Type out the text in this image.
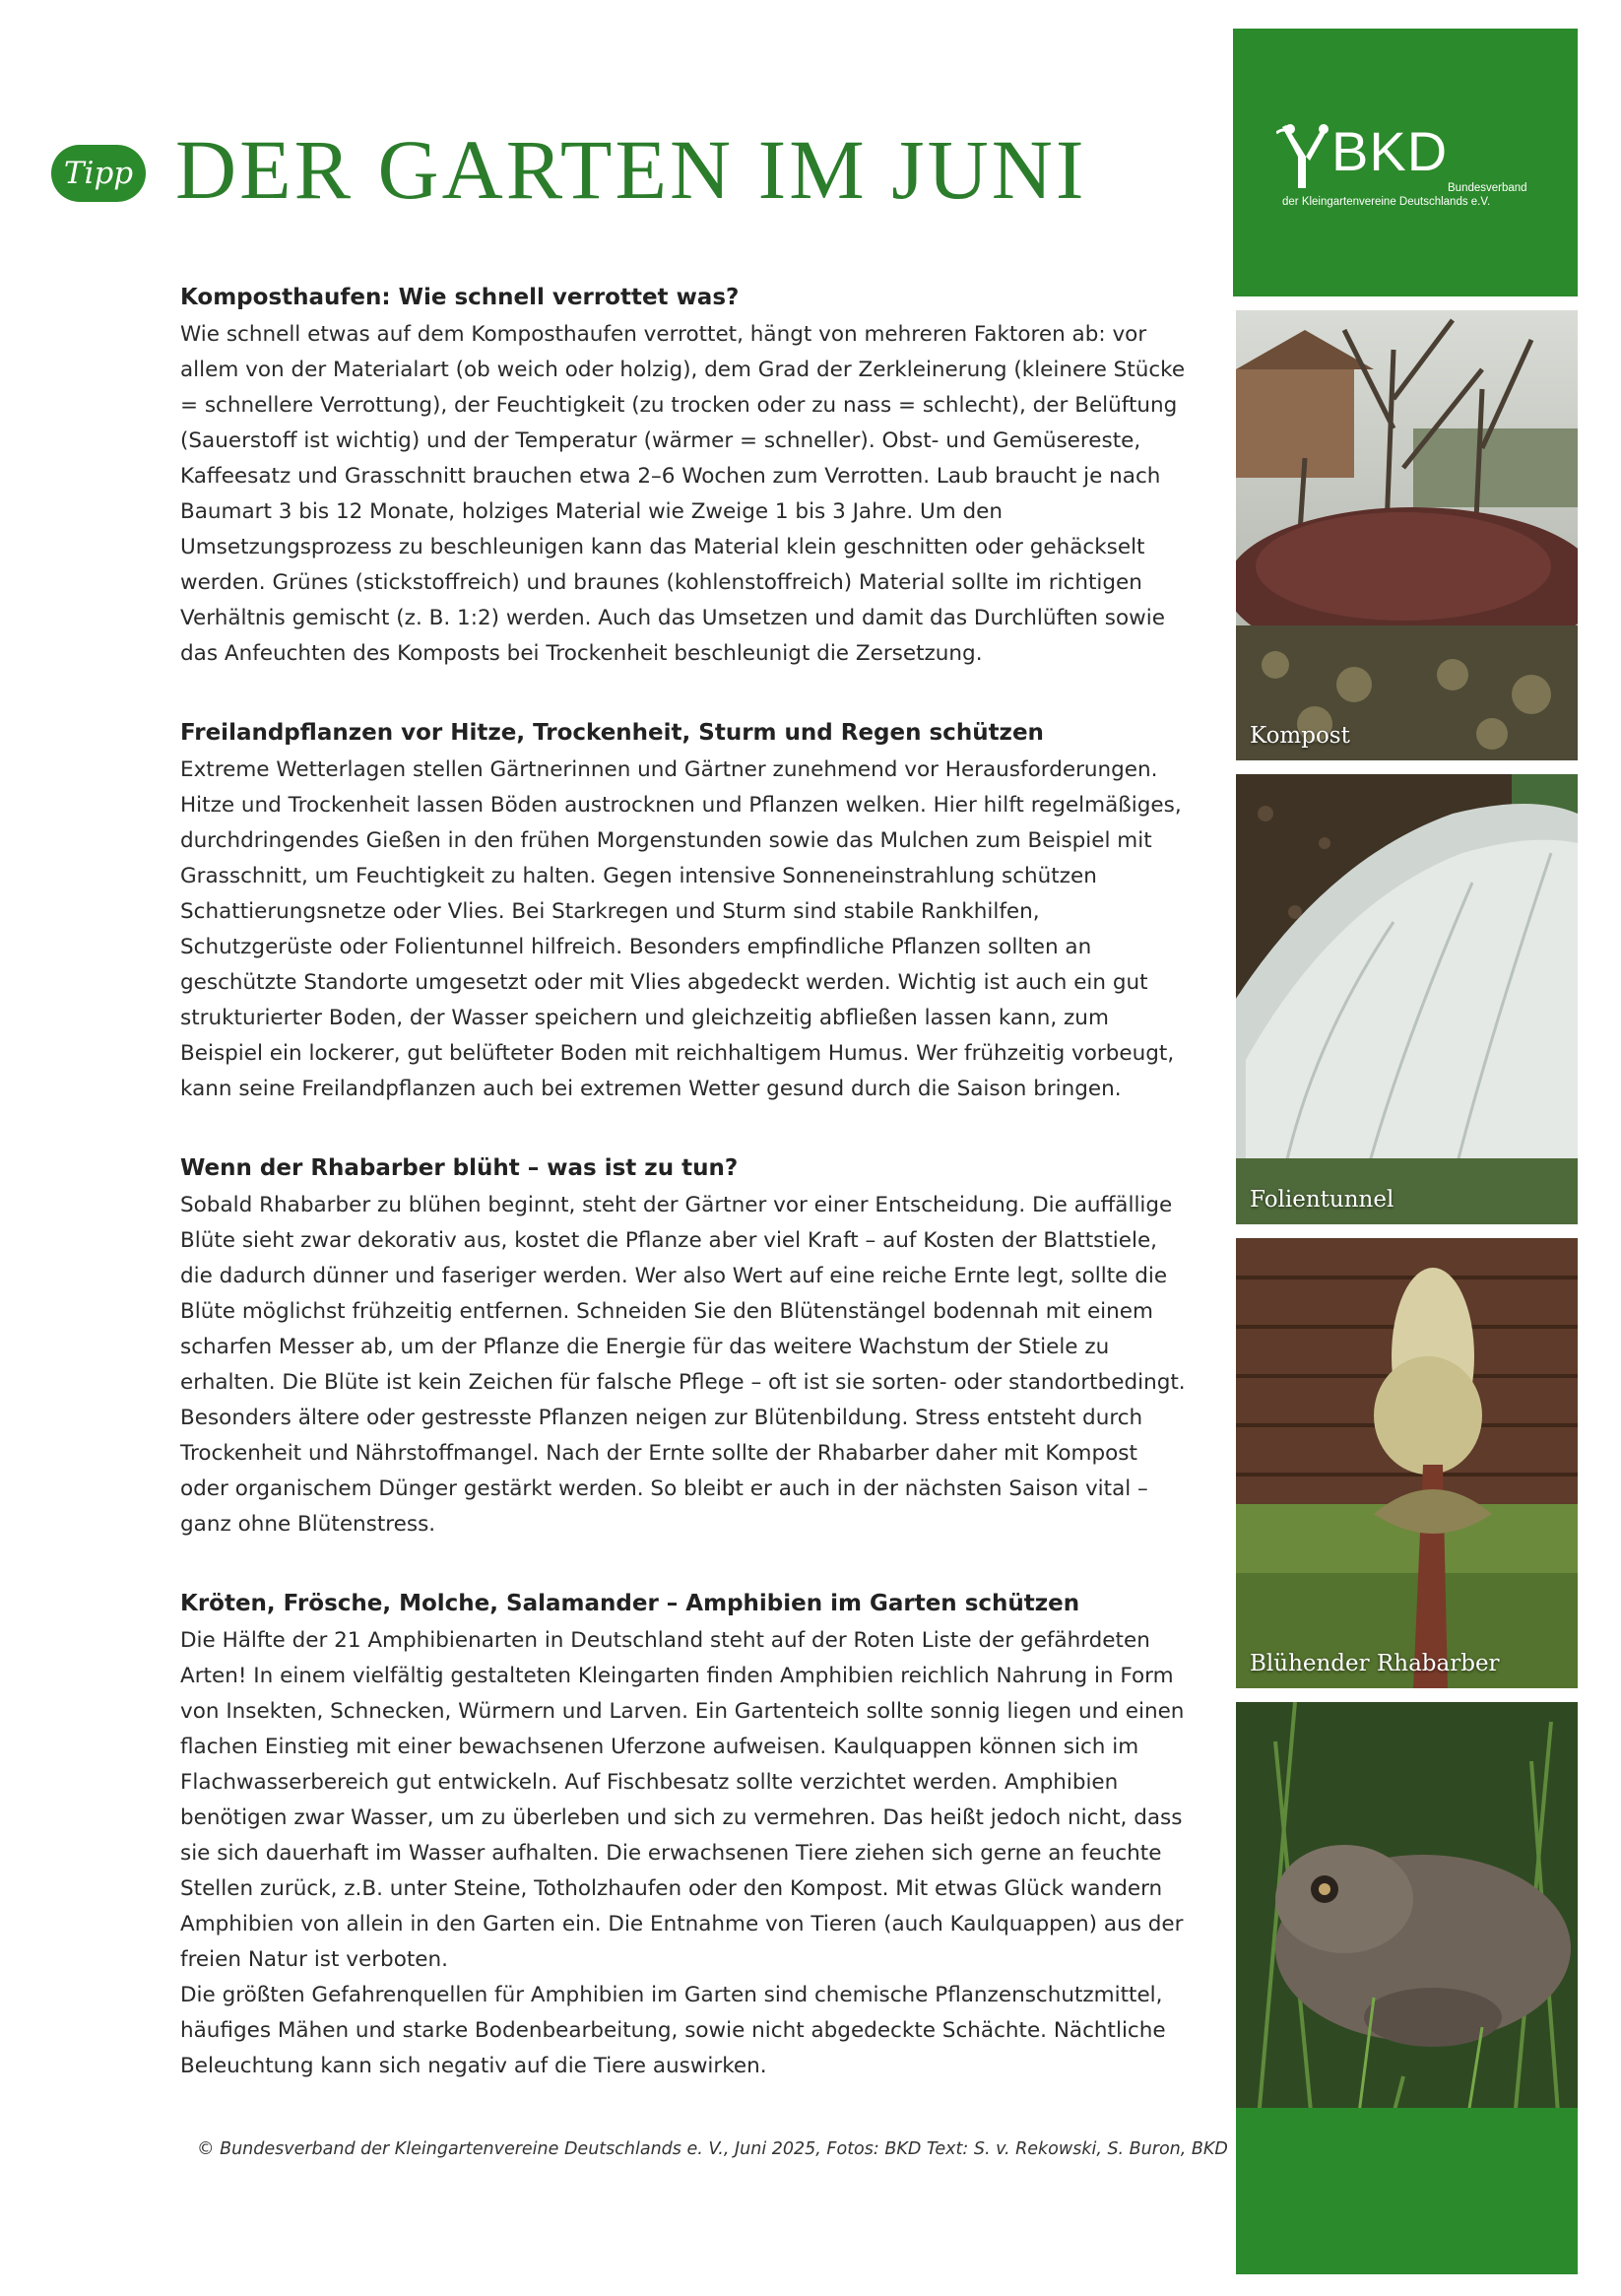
Tipp DER GARTEN IM JUNI
Komposthaufen: Wie schnell verrottet was?

Wie schnell etwas auf dem Komposthaufen verrottet, hängt von mehreren Faktoren ab: vor allem von der Materialart (ob weich oder holzig), dem Grad der Zerkleinerung (kleinere Stücke = schnellere Verrottung), der Feuchtigkeit (zu trocken oder zu nass = schlecht), der Belüftung (Sauerstoff ist wichtig) und der Temperatur (wärmer = schneller). Obst- und Gemüsereste, Kaffeesatz und Grasschnitt brauchen etwa 2–6 Wochen zum Verrotten. Laub braucht je nach Baumart 3 bis 12 Monate, holziges Material wie Zweige 1 bis 3 Jahre. Um den Umsetzungsprozess zu beschleunigen kann das Material klein geschnitten oder gehäckselt werden. Grünes (stickstoffreich) und braunes (kohlenstoffreich) Material sollte im richtigen Verhältnis gemischt (z. B. 1:2) werden. Auch das Umsetzen und damit das Durchlüften sowie das Anfeuchten des Komposts bei Trockenheit beschleunigt die Zersetzung.

Freilandpflanzen vor Hitze, Trockenheit, Sturm und Regen schützen

Extreme Wetterlagen stellen Gärtnerinnen und Gärtner zunehmend vor Herausforderungen. Hitze und Trockenheit lassen Böden austrocknen und Pflanzen welken. Hier hilft regelmäßiges, durchdringendes Gießen in den frühen Morgenstunden sowie das Mulchen zum Beispiel mit Grasschnitt, um Feuchtigkeit zu halten. Gegen intensive Sonneneinstrahlung schützen Schattierungsnetze oder Vlies. Bei Starkregen und Sturm sind stabile Rankhilfen, Schutzgerüste oder Folientunnel hilfreich. Besonders empfindliche Pflanzen sollten an geschützte Standorte umgesetzt oder mit Vlies abgedeckt werden. Wichtig ist auch ein gut strukturierter Boden, der Wasser speichern und gleichzeitig abfließen lassen kann, zum Beispiel ein lockerer, gut belüfteter Boden mit reichhaltigem Humus. Wer frühzeitig vorbeugt, kann seine Freilandpflanzen auch bei extremen Wetter gesund durch die Saison bringen.

Wenn der Rhabarber blüht – was ist zu tun?

Sobald Rhabarber zu blühen beginnt, steht der Gärtner vor einer Entscheidung. Die auffällige Blüte sieht zwar dekorativ aus, kostet die Pflanze aber viel Kraft – auf Kosten der Blattstiele, die dadurch dünner und faseriger werden. Wer also Wert auf eine reiche Ernte legt, sollte die Blüte möglichst frühzeitig entfernen. Schneiden Sie den Blütenstängel bodennah mit einem scharfen Messer ab, um der Pflanze die Energie für das weitere Wachstum der Stiele zu erhalten. Die Blüte ist kein Zeichen für falsche Pflege – oft ist sie sorten- oder standortbedingt. Besonders ältere oder gestresste Pflanzen neigen zur Blütenbildung. Stress entsteht durch Trockenheit und Nährstoffmangel. Nach der Ernte sollte der Rhabarber daher mit Kompost oder organischem Dünger gestärkt werden. So bleibt er auch in der nächsten Saison vital – ganz ohne Blütenstress.

Kröten, Frösche, Molche, Salamander – Amphibien im Garten schützen

Die Hälfte der 21 Amphibienarten in Deutschland steht auf der Roten Liste der gefährdeten Arten! In einem vielfältig gestalteten Kleingarten finden Amphibien reichlich Nahrung in Form von Insekten, Schnecken, Würmern und Larven. Ein Gartenteich sollte sonnig liegen und einen flachen Einstieg mit einer bewachsenen Uferzone aufweisen. Kaulquappen können sich im Flachwasserbereich gut entwickeln. Auf Fischbesatz sollte verzichtet werden. Amphibien benötigen zwar Wasser, um zu überleben und sich zu vermehren. Das heißt jedoch nicht, dass sie sich dauerhaft im Wasser aufhalten. Die erwachsenen Tiere ziehen sich gerne an feuchte Stellen zurück, z.B. unter Steine, Totholzhaufen oder den Kompost. Mit etwas Glück wandern Amphibien von allein in den Garten ein. Die Entnahme von Tieren (auch Kaulquappen) aus der freien Natur ist verboten.

Die größten Gefahrenquellen für Amphibien im Garten sind chemische Pflanzenschutzmittel, häufiges Mähen und starke Bodenbearbeitung, sowie nicht abgedeckte Schächte. Nächtliche Beleuchtung kann sich negativ auf die Tiere auswirken.

© Bundesverband der Kleingartenvereine Deutschlands e. V., Juni 2025, Fotos: BKD Text: S. v. Rekowski, S. Buron, BKD
BKD
Bundesverband
der Kleingartenvereine Deutschlands e.V.
Kompost
Folientunnel
Blühender Rhabarber
